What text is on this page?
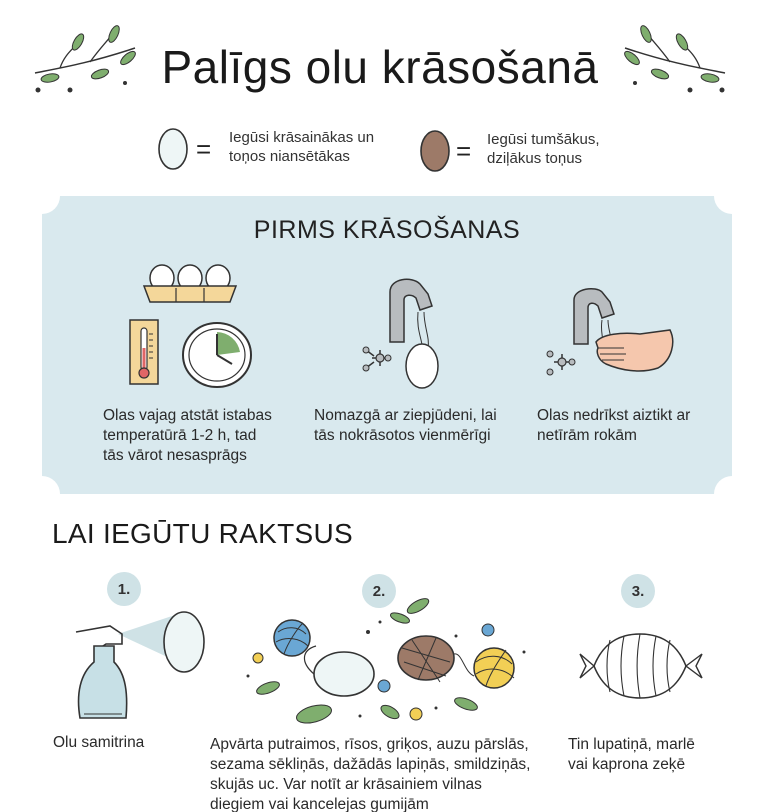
Palīgs olu krāsošanā
= Iegūsi krāsainākas un
toņos niansētākas	= Iegūsi tumšākus,
dziļākus toņus
PIRMS KRĀSOŠANAS
Olas vajag atstāt istabas
temperatūrā 1-2 h, tad
tās vārot nesasprāgs
Nomazgā ar ziepjūdeni, lai
tās nokrāsotos vienmērīgi
Olas nedrīkst aiztikt ar
netīrām rokām
LAI IEGŪTU RAKTSUS
1.	2.	3.
Olu samitrina	Apvārta putraimos, rīsos, griķos, auzu pārslās,
sezama sēkliņās, dažādās lapiņās, smildziņās,
skujās uc. Var notīt ar krāsainiem vilnas
diegiem vai kancelejas gumijām
Tin lupatiņā, marlē
vai kaprona zeķē
